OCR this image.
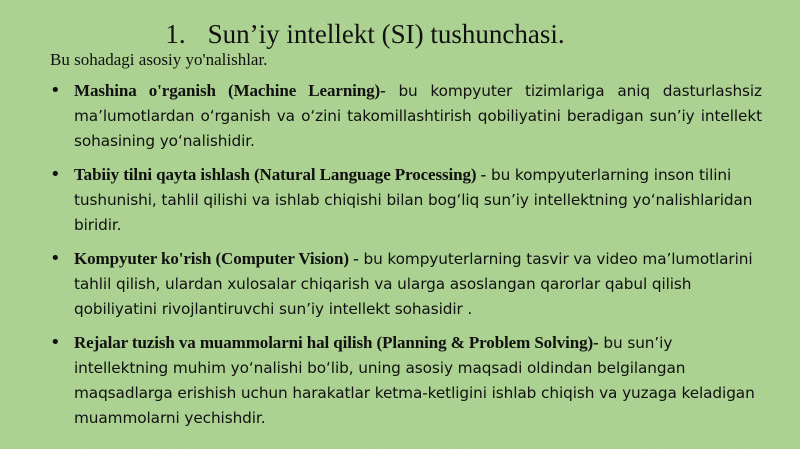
1. Sun’iy intellekt (SI) tushunchasi.
Bu sohadagi asosiy yo'nalishlar.
• Mashina o'rganish (Machine Learning)- bu kompyuter tizimlariga aniq dasturlashsiz maʼlumotlardan oʻrganish va oʻzini takomillashtirish qobiliyatini beradigan sunʼiy intellekt sohasining yoʻnalishidir.
• Tabiiy tilni qayta ishlash (Natural Language Processing) - bu kompyuterlarning inson tilini tushunishi, tahlil qilishi va ishlab chiqishi bilan bogʻliq sunʼiy intellektning yoʻnalishlaridan biridir.
• Kompyuter ko'rish (Computer Vision) - bu kompyuterlarning tasvir va video maʼlumotlarini tahlil qilish, ulardan xulosalar chiqarish va ularga asoslangan qarorlar qabul qilish qobiliyatini rivojlantiruvchi sunʼiy intellekt sohasidir .
• Rejalar tuzish va muammolarni hal qilish (Planning & Problem Solving)- bu sunʼiy intellektning muhim yoʻnalishi boʻlib, uning asosiy maqsadi oldindan belgilangan maqsadlarga erishish uchun harakatlar ketma-ketligini ishlab chiqish va yuzaga keladigan muammolarni yechishdir.
